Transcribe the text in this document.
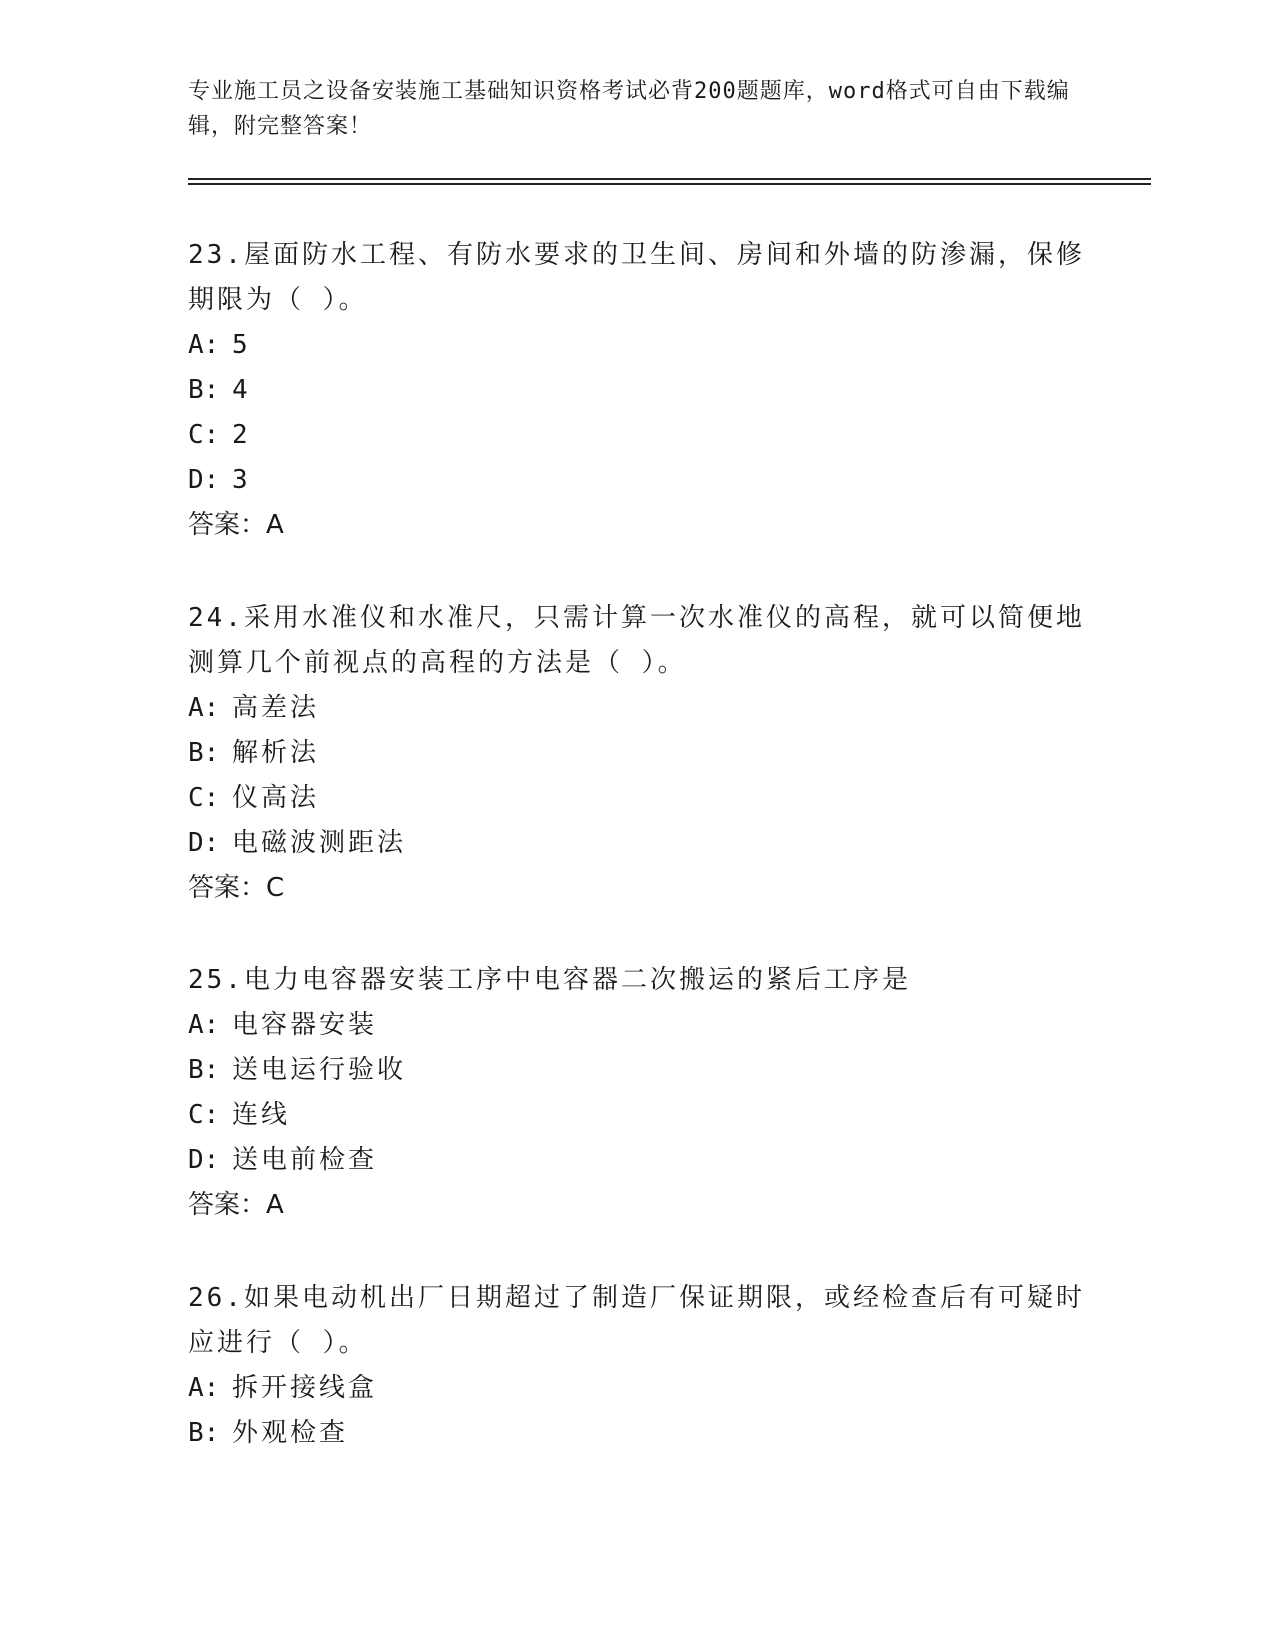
专业施工员之设备安装施工基础知识资格考试必背200题题库，word格式可自由下载编辑，附完整答案！

23.屋面防水工程、有防水要求的卫生间、房间和外墙的防渗漏，保修期限为（ ）。

A: 5

B: 4

C: 2

D: 3

答案：A

24.采用水准仪和水准尺，只需计算一次水准仪的高程，就可以简便地测算几个前视点的高程的方法是（ ）。

A: 高差法

B: 解析法

C: 仪高法

D: 电磁波测距法

答案：C

25.电力电容器安装工序中电容器二次搬运的紧后工序是

A: 电容器安装

B: 送电运行验收

C: 连线

D: 送电前检查

答案：A

26.如果电动机出厂日期超过了制造厂保证期限，或经检查后有可疑时应进行（ ）。

A: 拆开接线盒

B: 外观检查
